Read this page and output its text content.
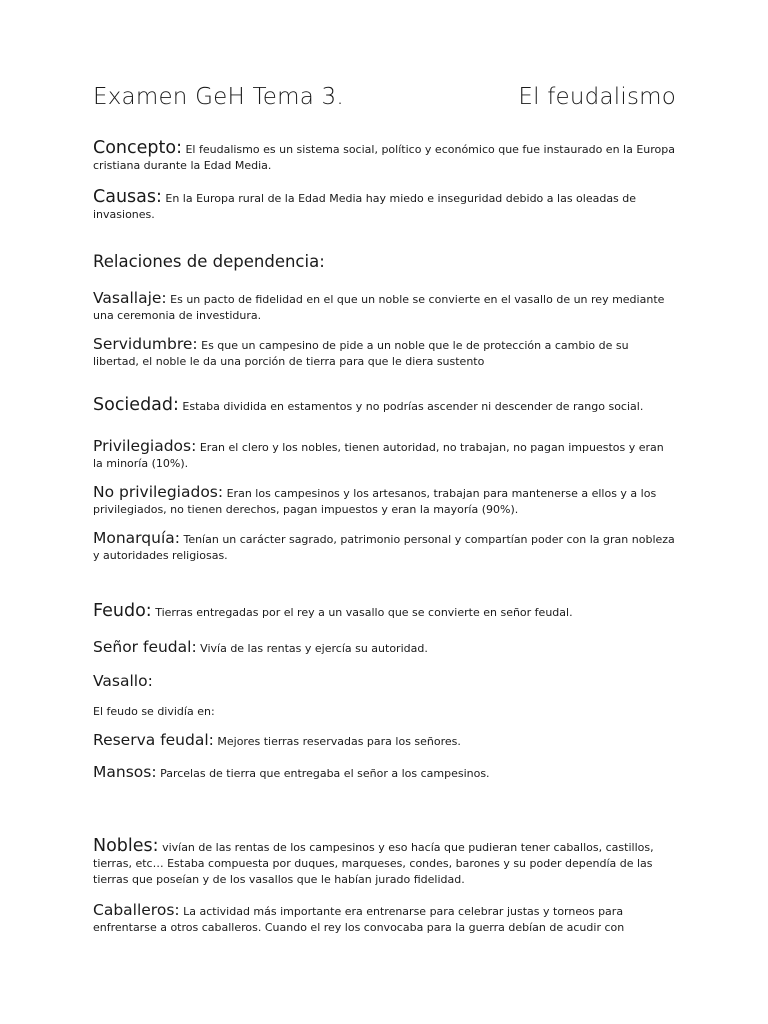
Examen GeH Tema 3.	El feudalismo

Concepto: El feudalismo es un sistema social, político y económico que fue instaurado en la Europa cristiana durante la Edad Media.

Causas: En la Europa rural de la Edad Media hay miedo e inseguridad debido a las oleadas de invasiones.

Relaciones de dependencia:

Vasallaje: Es un pacto de fidelidad en el que un noble se convierte en el vasallo de un rey mediante una ceremonia de investidura.

Servidumbre: Es que un campesino de pide a un noble que le de protección a cambio de su libertad, el noble le da una porción de tierra para que le diera sustento

Sociedad: Estaba dividida en estamentos y no podrías ascender ni descender de rango social.

Privilegiados: Eran el clero y los nobles, tienen autoridad, no trabajan, no pagan impuestos y eran la minoría (10%).

No privilegiados: Eran los campesinos y los artesanos, trabajan para mantenerse a ellos y a los privilegiados, no tienen derechos, pagan impuestos y eran la mayoría (90%).

Monarquía: Tenían un carácter sagrado, patrimonio personal y compartían poder con la gran nobleza y autoridades religiosas.

Feudo: Tierras entregadas por el rey a un vasallo que se convierte en señor feudal.

Señor feudal: Vivía de las rentas y ejercía su autoridad.

Vasallo:

El feudo se dividía en:

Reserva feudal: Mejores tierras reservadas para los señores.

Mansos: Parcelas de tierra que entregaba el señor a los campesinos.

Nobles: vivían de las rentas de los campesinos y eso hacía que pudieran tener caballos, castillos, tierras, etc… Estaba compuesta por duques, marqueses, condes, barones y su poder dependía de las tierras que poseían y de los vasallos que le habían jurado fidelidad.

Caballeros: La actividad más importante era entrenarse para celebrar justas y torneos para enfrentarse a otros caballeros. Cuando el rey los convocaba para la guerra debían de acudir con
